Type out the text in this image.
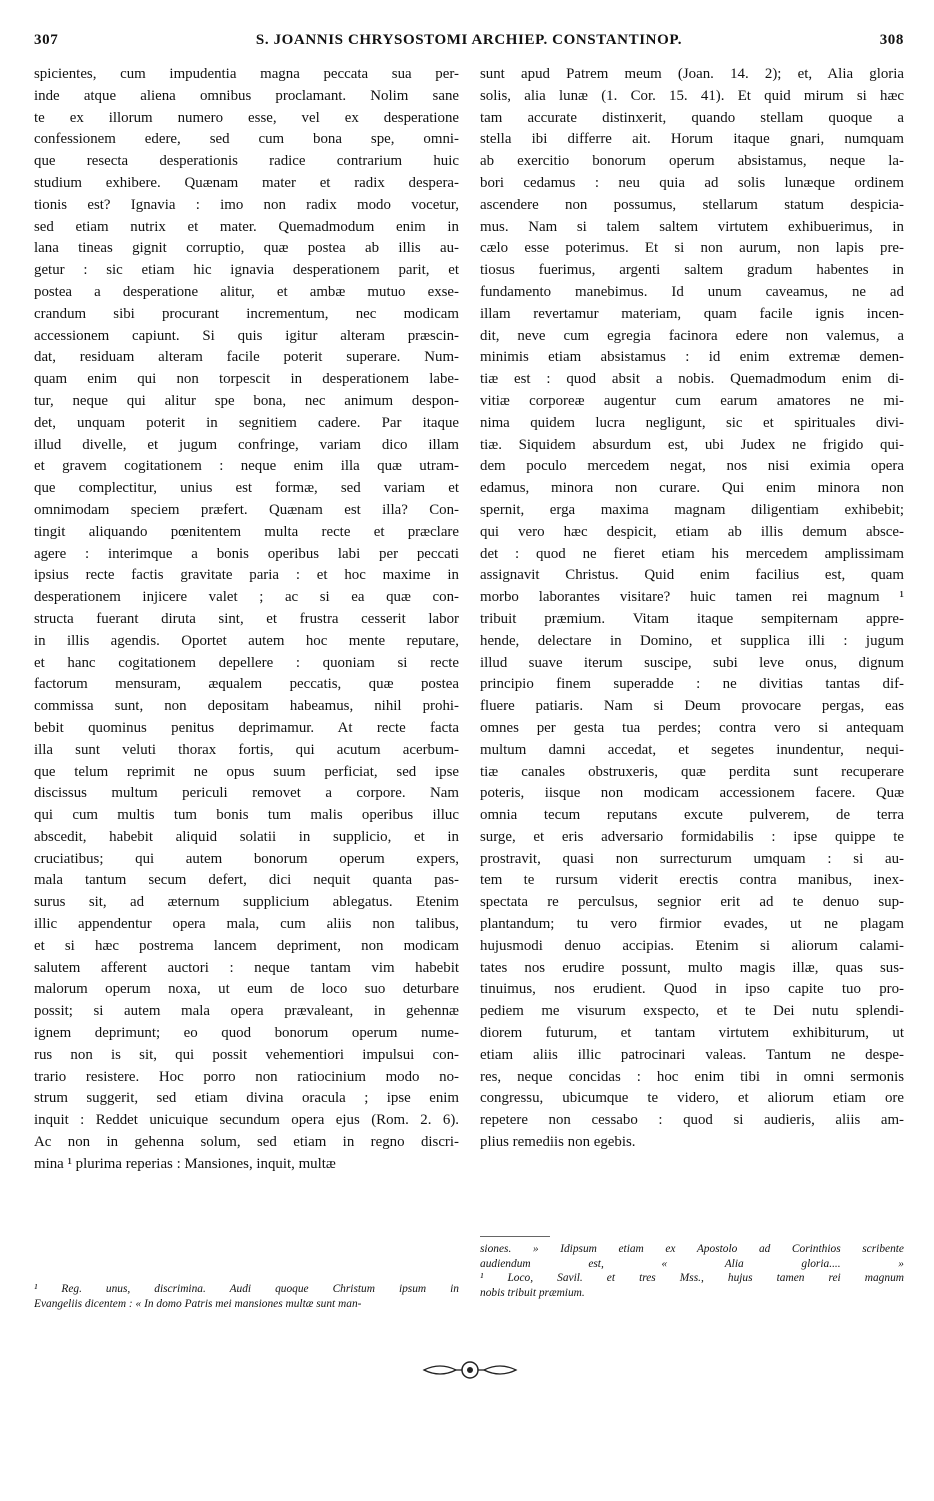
307	S. JOANNIS CHRYSOSTOMI ARCHIEP. CONSTANTINOP.	308
spicientes, cum impudentia magna peccata sua per-
inde atque aliena omnibus proclamant. Nolim sane
te ex illorum numero esse, vel ex desperatione
confessionem edere, sed cum bona spe, omni-
que resecta desperationis radice contrarium huic
studium exhibere. Quænam mater et radix despera-
tionis est? Ignavia : imo non radix modo vocetur,
sed etiam nutrix et mater. Quemadmodum enim in
lana tineas gignit corruptio, quæ postea ab illis au-
getur : sic etiam hic ignavia desperationem parit, et
postea a desperatione alitur, et ambæ mutuo exse-
crandum sibi procurant incrementum, nec modicam
accessionem capiunt. Si quis igitur alteram præscin-
dat, residuam alteram facile poterit superare. Num-
quam enim qui non torpescit in desperationem labe-
tur, neque qui alitur spe bona, nec animum despon-
det, unquam poterit in segnitiem cadere. Par itaque
illud divelle, et jugum confringe, variam dico illam
et gravem cogitationem : neque enim illa quæ utram-
que complectitur, unius est formæ, sed variam et
omnimodam speciem præfert. Quænam est illa? Con-
tingit aliquando pœnitentem multa recte et præclare
agere : interimque a bonis operibus labi per peccati
ipsius recte factis gravitate paria : et hoc maxime in
desperationem injicere valet ; ac si ea quæ con-
structa fuerant diruta sint, et frustra cesserit labor
in illis agendis. Oportet autem hoc mente reputare,
et hanc cogitationem depellere : quoniam si recte
factorum mensuram, æqualem peccatis, quæ postea
commissa sunt, non depositam habeamus, nihil prohi-
bebit quominus penitus deprimamur. At recte facta
illa sunt veluti thorax fortis, qui acutum acerbum-
que telum reprimit ne opus suum perficiat, sed ipse
discissus multum periculi removet a corpore. Nam
qui cum multis tum bonis tum malis operibus illuc
abscedit, habebit aliquid solatii in supplicio, et in
cruciatibus; qui autem bonorum operum expers,
mala tantum secum defert, dici nequit quanta pas-
surus sit, ad æternum supplicium ablegatus. Etenim
illic appendentur opera mala, cum aliis non talibus,
et si hæc postrema lancem depriment, non modicam
salutem afferent auctori : neque tantam vim habebit
malorum operum noxa, ut eum de loco suo deturbare
possit; si autem mala opera prævaleant, in gehennæ
ignem deprimunt; eo quod bonorum operum nume-
rus non is sit, qui possit vehementiori impulsui con-
trario resistere. Hoc porro non ratiocinium modo no-
strum suggerit, sed etiam divina oracula ; ipse enim
inquit : Reddet unicuique secundum opera ejus (Rom. 2. 6).
Ac non in gehenna solum, sed etiam in regno discri-
mina ¹ plurima reperias : Mansiones, inquit, multæ
sunt apud Patrem meum (Joan. 14. 2); et, Alia gloria
solis, alia lunæ (1. Cor. 15. 41). Et quid mirum si hæc
tam accurate distinxerit, quando stellam quoque a
stella ibi differre ait. Horum itaque gnari, numquam
ab exercitio bonorum operum absistamus, neque la-
bori cedamus : neu quia ad solis lunæque ordinem
ascendere non possumus, stellarum statum despicia-
mus. Nam si talem saltem virtutem exhibuerimus, in
cælo esse poterimus. Et si non aurum, non lapis pre-
tiosus fuerimus, argenti saltem gradum habentes in
fundamento manebimus. Id unum caveamus, ne ad
illam revertamur materiam, quam facile ignis incen-
dit, neve cum egregia facinora edere non valemus, a
minimis etiam absistamus : id enim extremæ demen-
tiæ est : quod absit a nobis. Quemadmodum enim di-
vitiæ corporeæ augentur cum earum amatores ne mi-
nima quidem lucra negligunt, sic et spirituales divi-
tiæ. Siquidem absurdum est, ubi Judex ne frigido qui-
dem poculo mercedem negat, nos nisi eximia opera
edamus, minora non curare. Qui enim minora non
spernit, erga maxima magnam diligentiam exhibebit;
qui vero hæc despicit, etiam ab illis demum absce-
det : quod ne fieret etiam his mercedem amplissimam
assignavit Christus. Quid enim facilius est, quam
morbo laborantes visitare? huic tamen rei magnum ¹
tribuit præmium. Vitam itaque sempiternam appre-
hende, delectare in Domino, et supplica illi : jugum
illud suave iterum suscipe, subi leve onus, dignum
principio finem superadde : ne divitias tantas dif-
fluere patiaris. Nam si Deum provocare pergas, eas
omnes per gesta tua perdes; contra vero si antequam
multum damni accedat, et segetes inundentur, nequi-
tiæ canales obstruxeris, quæ perdita sunt recuperare
poteris, iisque non modicam accessionem facere. Quæ
omnia tecum reputans excute pulverem, de terra
surge, et eris adversario formidabilis : ipse quippe te
prostravit, quasi non surrecturum umquam : si au-
tem te rursum viderit erectis contra manibus, inex-
spectata re perculsus, segnior erit ad te denuo sup-
plantandum; tu vero firmior evades, ut ne plagam
hujusmodi denuo accipias. Etenim si aliorum calami-
tates nos erudire possunt, multo magis illæ, quas sus-
tinuimus, nos erudient. Quod in ipso capite tuo pro-
pediem me visurum exspecto, et te Dei nutu splendi-
diorem futurum, et tantam virtutem exhibiturum, ut
etiam aliis illic patrocinari valeas. Tantum ne despe-
res, neque concidas : hoc enim tibi in omni sermonis
congressu, ubicumque te videro, et aliorum etiam ore
repetere non cessabo : quod si audieris, aliis am-
plius remediis non egebis.
¹ Reg. unus, discrimina. Audi quoque Christum ipsum in
Evangeliis dicentem : « In domo Patris mei mansiones multæ sunt man-
siones. » Idipsum etiam ex Apostolo ad Corinthios scribente
audiendum est, « Alia gloria.... »
¹ Loco, Savil. et tres Mss., hujus tamen rei magnum
nobis tribuit præmium.
